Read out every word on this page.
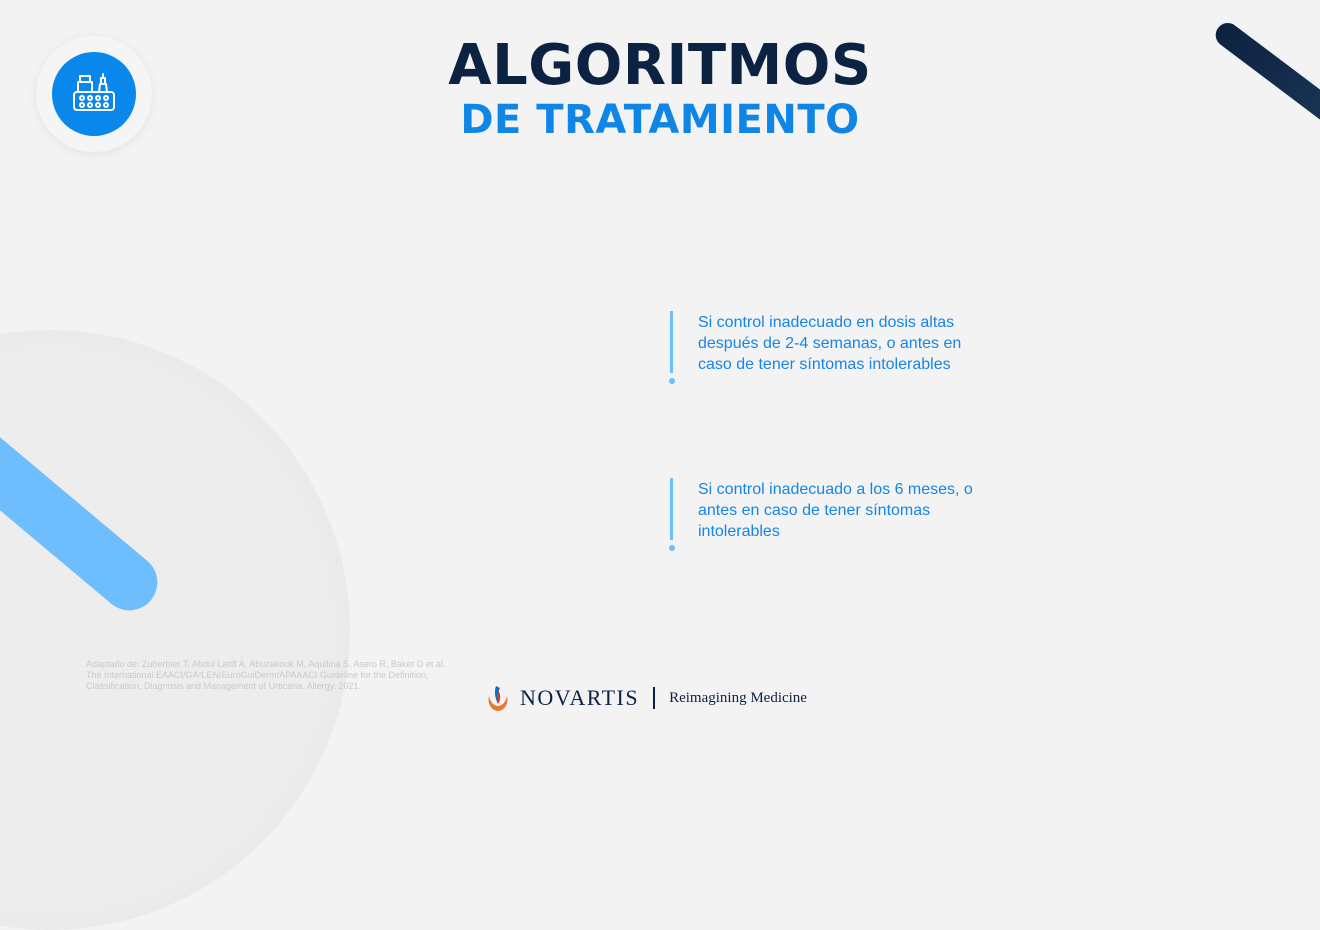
ALGORITMOS
DE TRATAMIENTO
Si control inadecuado en dosis altas después de 2-4 semanas, o antes en caso de tener síntomas intolerables
Si control inadecuado a los 6 meses, o antes en caso de tener síntomas intolerables
Adaptado de: Zuberbier T, Abdul Latiff A, Abuzakouk M, Aquilina S, Asero R, Baker D et al. The International EAACI/GA²LEN/EuroGuiDerm/APAAACI Guideline for the Definition, Classification, Diagnosis and Management of Urticaria. Allergy. 2021.	NOVARTIS Reimagining Medicine
